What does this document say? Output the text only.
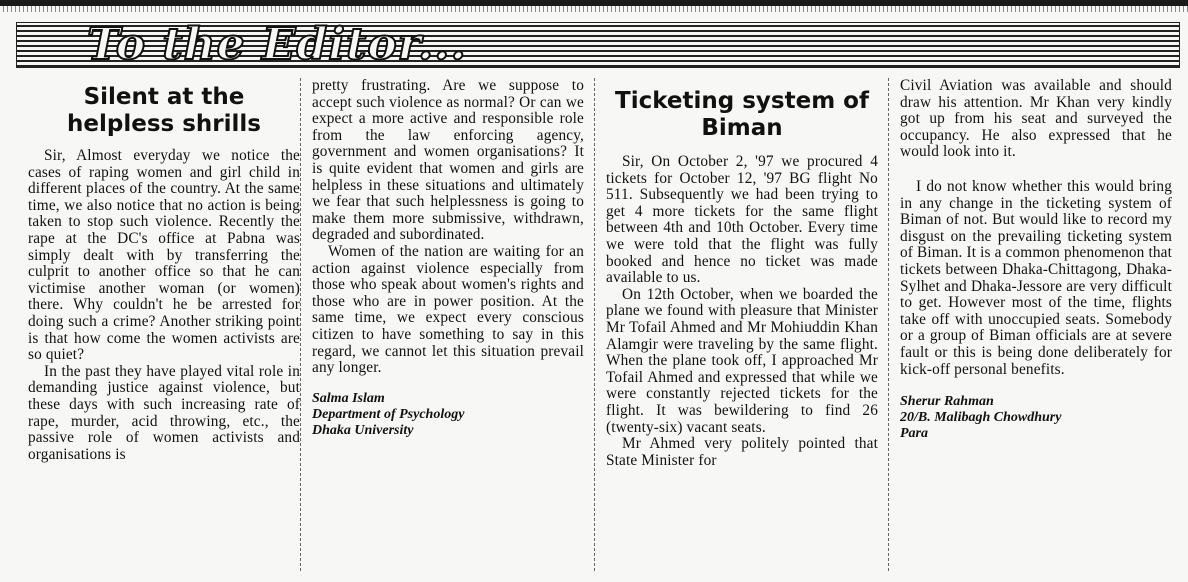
To the Editor...
Silent at the helpless shrills

Sir, Almost everyday we notice the cases of raping women and girl child in different places of the country. At the same time, we also notice that no action is being taken to stop such violence. Recently the rape at the DC's office at Pabna was simply dealt with by transferring the culprit to another office so that he can victimise another woman (or women) there. Why couldn't he be arrested for doing such a crime? Another striking point is that how come the women activists are so quiet?

In the past they have played vital role in demanding justice against violence, but these days with such increasing rate of rape, murder, acid throwing, etc., the passive role of women activists and organisations is

pretty frustrating. Are we suppose to accept such violence as normal? Or can we expect a more active and responsible role from the law enforcing agency, government and women organisations? It is quite evident that women and girls are helpless in these situations and ultimately we fear that such helplessness is going to make them more submissive, withdrawn, degraded and subordinated.

Women of the nation are waiting for an action against violence especially from those who speak about women's rights and those who are in power position. At the same time, we expect every conscious citizen to have something to say in this regard, we cannot let this situation prevail any longer.

Salma Islam
Department of Psychology
Dhaka University
Ticketing system of Biman

Sir, On October 2, '97 we procured 4 tickets for October 12, '97 BG flight No 511. Subsequently we had been trying to get 4 more tickets for the same flight between 4th and 10th October. Every time we were told that the flight was fully booked and hence no ticket was made available to us.

On 12th October, when we boarded the plane we found with pleasure that Minister Mr Tofail Ahmed and Mr Mohiuddin Khan Alamgir were traveling by the same flight. When the plane took off, I approached Mr Tofail Ahmed and expressed that while we were constantly rejected tickets for the flight. It was bewildering to find 26 (twenty-six) vacant seats.

Mr Ahmed very politely pointed that State Minister for

Civil Aviation was available and should draw his attention. Mr Khan very kindly got up from his seat and surveyed the occupancy. He also expressed that he would look into it.

I do not know whether this would bring in any change in the ticketing system of Biman of not. But would like to record my disgust on the prevailing ticketing system of Biman. It is a common phenomenon that tickets between Dhaka-Chittagong, Dhaka-Sylhet and Dhaka-Jessore are very difficult to get. However most of the time, flights take off with unoccupied seats. Somebody or a group of Biman officials are at severe fault or this is being done deliberately for kick-off personal benefits.

Sherur Rahman
20/B. Malibagh Chowdhury
Para
